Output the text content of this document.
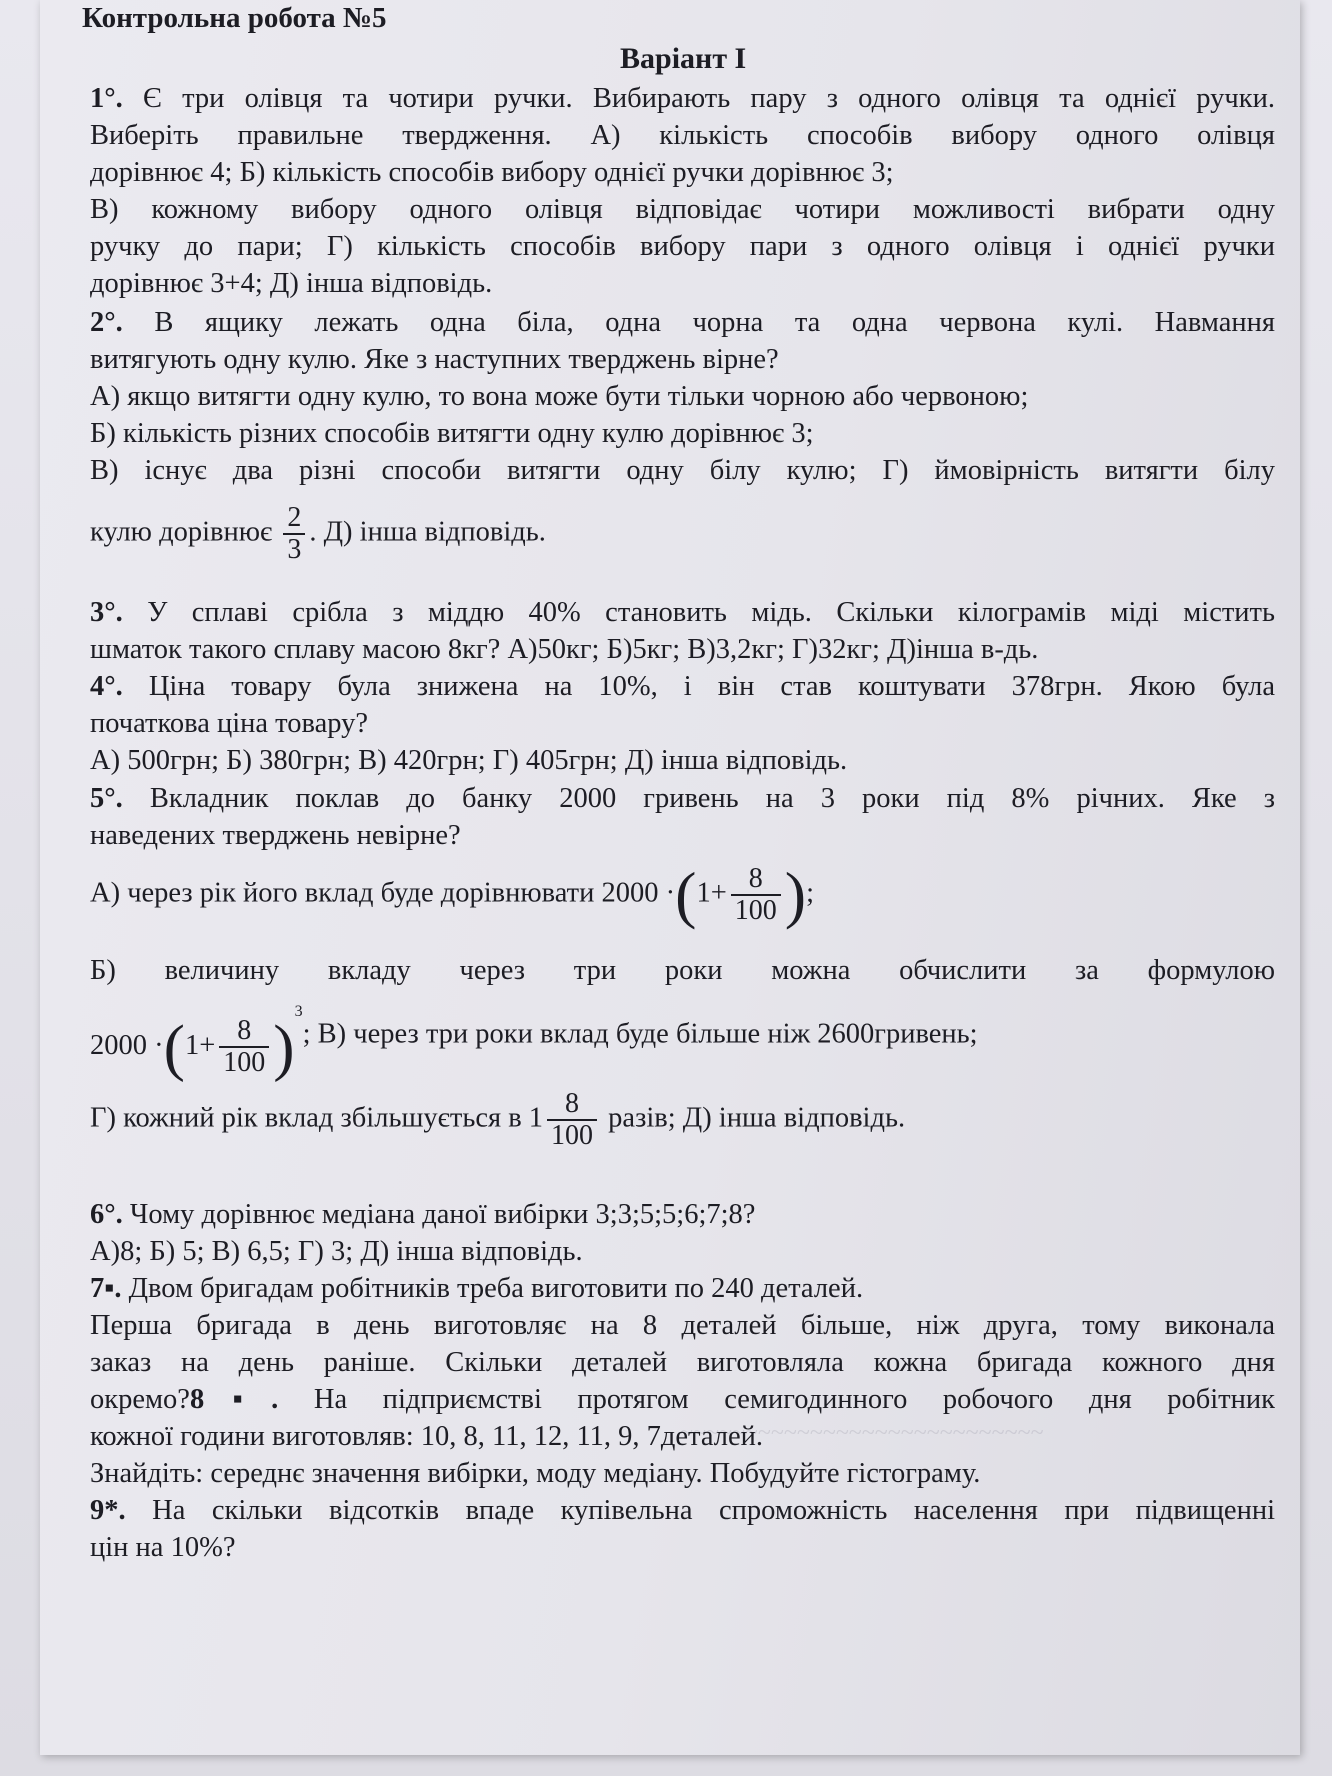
~~~~~~~~~~~~~~~~~~~~~~~~~~~~
Контрольна робота №5
Варіант І
1°. Є три олівця та чотири ручки. Вибирають пару з одного олівця та однієї ручки.
Виберіть правильне твердження. А) кількість способів вибору одного олівця
дорівнює 4; Б) кількість способів вибору однієї ручки дорівнює 3;
В) кожному вибору одного олівця відповідає чотири можливості вибрати одну
ручку до пари; Г) кількість способів вибору пари з одного олівця і однієї ручки
дорівнює 3+4; Д) інша відповідь.
2°. В ящику лежать одна біла, одна чорна та одна червона кулі. Навмання
витягують одну кулю. Яке з наступних тверджень вірне?
А) якщо витягти одну кулю, то вона може бути тільки чорною або червоною;
Б) кількість різних способів витягти одну кулю дорівнює 3;
В) існує два різні способи витягти одну білу кулю; Г) ймовірність витягти білу
кулю дорівнює $\frac{2}{3}$ . Д) інша відповідь.
3°. У сплаві срібла з міддю 40% становить мідь. Скільки кілограмів міді містить
шматок такого сплаву масою 8кг? А)50кг; Б)5кг; В)3,2кг; Г)32кг; Д)інша в-дь.
4°. Ціна товару була знижена на 10%, і він став коштувати 378грн. Якою була
початкова ціна товару?
А) 500грн; Б) 380грн; В) 420грн; Г) 405грн; Д) інша відповідь.
5°. Вкладник поклав до банку 2000 гривень на 3 роки під 8% річних. Яке з
наведених тверджень невірне?
А) через рік його вклад буде дорівнювати $2000 \cdot(1+ \frac{8}{100}$ );
Б) величину вкладу через три роки можна обчислити за формулою
$2000 \cdot(1+ \frac{8}{100} )^3$; В) через три роки вклад буде більше ніж 2600гривень;
Г) кожний рік вклад збільшується в $1 \frac{8}{100}$ разів; Д) інша відповідь.
6°. Чому дорівнює медіана даної вибірки 3;3;5;5;6;7;8?
А)8; Б) 5; В) 6,5; Г) 3; Д) інша відповідь.
7▪. Двом бригадам робітників треба виготовити по 240 деталей.
Перша бригада в день виготовляє на 8 деталей більше, ніж друга, тому виконала
заказ на день раніше. Скільки деталей виготовляла кожна бригада кожного дня
окремо?8▪. На підприємстві протягом семигодинного робочого дня робітник
кожної години виготовляв: 10, 8, 11, 12, 11, 9, 7деталей.
Знайдіть: середнє значення вибірки, моду медіану. Побудуйте гістограму.
9*. На скільки відсотків впаде купівельна спроможність населення при підвищенні
цін на 10%?
